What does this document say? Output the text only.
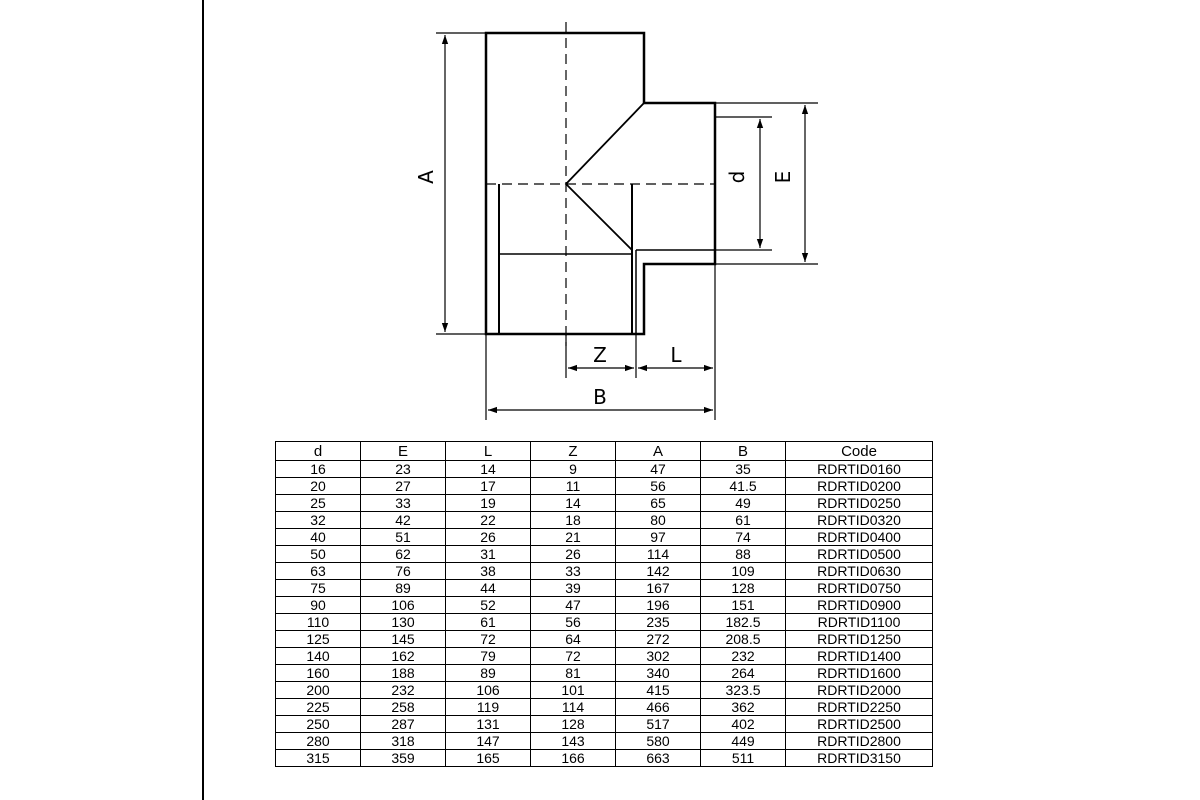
A	E
d
Z	L
B
d	E	L	Z	A	B	Code
16	23	14	9	47	35	RDRTID0160
20	27	17	11	56	41.5	RDRTID0200
25	33	19	14	65	49	RDRTID0250
32	42	22	18	80	61	RDRTID0320
40	51	26	21	97	74	RDRTID0400
50	62	31	26	114	88	RDRTID0500
63	76	38	33	142	109	RDRTID0630
75	89	44	39	167	128	RDRTID0750
90	106	52	47	196	151	RDRTID0900
110	130	61	56	235	182.5	RDRTID1100
125	145	72	64	272	208.5	RDRTID1250
140	162	79	72	302	232	RDRTID1400
160	188	89	81	340	264	RDRTID1600
200	232	106	101	415	323.5	RDRTID2000
225	258	119	114	466	362	RDRTID2250
250	287	131	128	517	402	RDRTID2500
280	318	147	143	580	449	RDRTID2800
315	359	165	166	663	511	RDRTID3150
